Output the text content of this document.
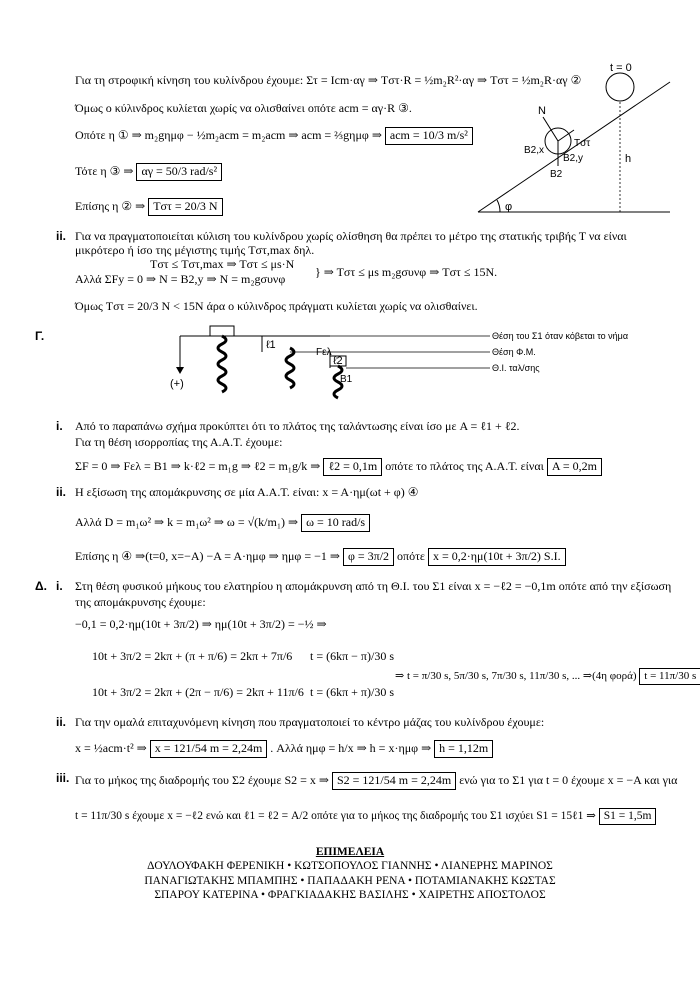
Για τη στροφική κίνηση του κυλίνδρου έχουμε: Στ = Icm·αγ ⇒ Tστ·R = ½m₂R²·αγ ⇒ Tστ = ½m₂R·αγ ②
Όμως ο κύλινδρος κυλίεται χωρίς να ολισθαίνει οπότε acm = αγ·R ③.
Οπότε η ① ⇒ m₂gημφ − ½m₂acm = m₂acm ⇒ acm = ⅔gημφ ⇒ acm = 10/3 m/s²
Τότε η ③ ⇒ αγ = 50/3 rad/s²
Επίσης η ② ⇒ Tστ = 20/3 N
t = 0
N
B2,x
B2,y
B2
Tστ
h
φ
ii. Για να πραγματοποιείται κύλιση του κυλίνδρου χωρίς ολίσθηση θα πρέπει το μέτρο της στατικής τριβής T να είναι
μικρότερο ή ίσο της μέγιστης τιμής Tστ,max δηλ.
Tστ ≤ Tστ,max ⇒ Tστ ≤ μs·N
Αλλά ΣFy = 0 ⇒ N = B2,y ⇒ N = m₂gσυνφ } ⇒ Tστ ≤ μs m₂gσυνφ ⇒ Tστ ≤ 15N.
Όμως Tστ = 20/3 N < 15N άρα ο κύλινδρος πράγματι κυλίεται χωρίς να ολισθαίνει.
Γ.
(+)
ℓ1
ℓ2
Fελ
B1
Θέση του Σ1 όταν κόβεται το νήμα
Θέση Φ.Μ.
Θ.Ι. ταλ/σης
i. Από το παραπάνω σχήμα προκύπτει ότι το πλάτος της ταλάντωσης είναι ίσο με A = ℓ1 + ℓ2.
Για τη θέση ισορροπίας της Α.Α.Τ. έχουμε:
ΣF = 0 ⇒ Fελ = B1 ⇒ k·ℓ2 = m₁g ⇒ ℓ2 = m₁g/k ⇒ ℓ2 = 0,1m οπότε το πλάτος της Α.Α.Τ. είναι A = 0,2m
ii. Η εξίσωση της απομάκρυνσης σε μία Α.Α.Τ. είναι: x = A·ημ(ωt + φ) ④
Αλλά D = m₁ω² ⇒ k = m₁ω² ⇒ ω = √(k/m₁) ⇒ ω = 10 rad/s
Επίσης η ④ ⇒(t=0, x=−A) −A = A·ημφ ⇒ ημφ = −1 ⇒ φ = 3π/2 οπότε x = 0,2·ημ(10t + 3π/2) S.I.
Δ. i. Στη θέση φυσικού μήκους του ελατηρίου η απομάκρυνση από τη Θ.Ι. του Σ1 είναι x = −ℓ2 = −0,1m οπότε από την εξίσωση
της απομάκρυνσης έχουμε:
−0,1 = 0,2·ημ(10t + 3π/2) ⇒ ημ(10t + 3π/2) = −½ ⇒
10t + 3π/2 = 2kπ + (π + π/6) = 2kπ + 7π/6
10t + 3π/2 = 2kπ + (2π − π/6) = 2kπ + 11π/6
t = (6kπ − π)/30 s
t = (6kπ + π)/30 s
⇒ t = π/30 s, 5π/30 s, 7π/30 s, 11π/30 s, ... ⇒(4η φορά) t = 11π/30 s
ii. Για την ομαλά επιταχυνόμενη κίνηση που πραγματοποιεί το κέντρο μάζας του κυλίνδρου έχουμε:
x = ½acm·t² ⇒ x = 121/54 m = 2,24m . Αλλά ημφ = h/x ⇒ h = x·ημφ ⇒ h = 1,12m
iii. Για το μήκος της διαδρομής του Σ2 έχουμε S2 = x ⇒ S2 = 121/54 m = 2,24m ενώ για το Σ1 για t = 0 έχουμε x = −A και για
t = 11π/30 s έχουμε x = −ℓ2 ενώ και ℓ1 = ℓ2 = A/2 οπότε για το μήκος της διαδρομής του Σ1 ισχύει S1 = 15ℓ1 ⇒ S1 = 1,5m
ΕΠΙΜΕΛΕΙΑ
ΔΟΥΛΟΥΦΑΚΗ ΦΕΡΕΝΙΚΗ • ΚΩΤΣΟΠΟΥΛΟΣ ΓΙΑΝΝΗΣ • ΛΙΑΝΕΡΗΣ ΜΑΡΙΝΟΣ
ΠΑΝΑΓΙΩΤΑΚΗΣ ΜΠΑΜΠΗΣ • ΠΑΠΑΔΑΚΗ ΡΕΝΑ • ΠΟΤΑΜΙΑΝΑΚΗΣ ΚΩΣΤΑΣ
ΣΠΑΡΟΥ ΚΑΤΕΡΙΝΑ • ΦΡΑΓΚΙΑΔΑΚΗΣ ΒΑΣΙΛΗΣ • ΧΑΙΡΕΤΗΣ ΑΠΟΣΤΟΛΟΣ
